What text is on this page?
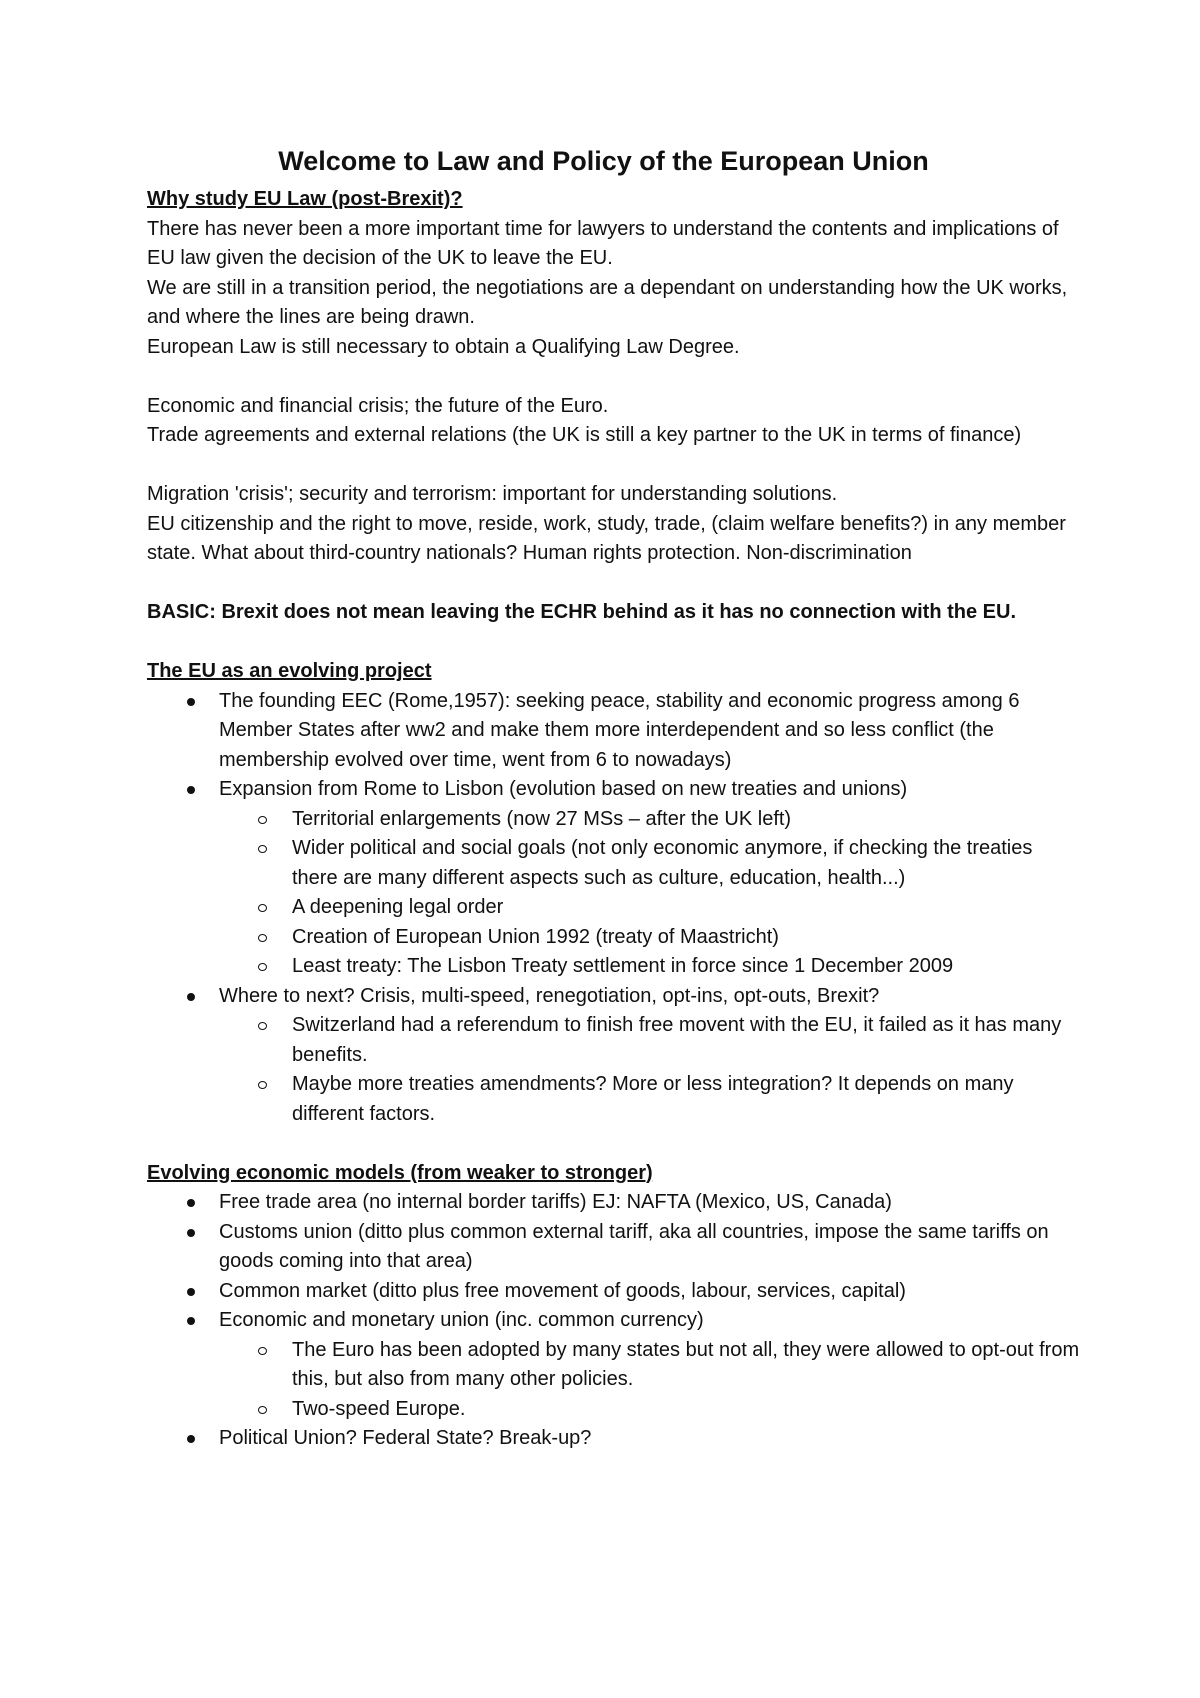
Welcome to Law and Policy of the European Union

Why study EU Law (post-Brexit)?

There has never been a more important time for lawyers to understand the contents and implications of EU law given the decision of the UK to leave the EU.

We are still in a transition period, the negotiations are a dependant on understanding how the UK works, and where the lines are being drawn.

European Law is still necessary to obtain a Qualifying Law Degree.

Economic and financial crisis; the future of the Euro.

Trade agreements and external relations (the UK is still a key partner to the UK in terms of finance)

Migration 'crisis'; security and terrorism: important for understanding solutions.

EU citizenship and the right to move, reside, work, study, trade, (claim welfare benefits?) in any member state. What about third-country nationals? Human rights protection. Non-discrimination

BASIC: Brexit does not mean leaving the ECHR behind as it has no connection with the EU.

The EU as an evolving project

The founding EEC (Rome,1957): seeking peace, stability and economic progress among 6 Member States after ww2 and make them more interdependent and so less conflict (the membership evolved over time, went from 6 to nowadays)
Expansion from Rome to Lisbon (evolution based on new treaties and unions)
Territorial enlargements (now 27 MSs – after the UK left)
Wider political and social goals (not only economic anymore, if checking the treaties there are many different aspects such as culture, education, health...)
A deepening legal order
Creation of European Union 1992 (treaty of Maastricht)
Least treaty: The Lisbon Treaty settlement in force since 1 December 2009
Where to next? Crisis, multi-speed, renegotiation, opt-ins, opt-outs, Brexit?
Switzerland had a referendum to finish free movent with the EU, it failed as it has many benefits.
Maybe more treaties amendments? More or less integration? It depends on many different factors.

Evolving economic models (from weaker to stronger)

Free trade area (no internal border tariffs) EJ: NAFTA (Mexico, US, Canada)
Customs union (ditto plus common external tariff, aka all countries, impose the same tariffs on goods coming into that area)
Common market (ditto plus free movement of goods, labour, services, capital)
Economic and monetary union (inc. common currency)
The Euro has been adopted by many states but not all, they were allowed to opt-out from this, but also from many other policies.
Two-speed Europe.
Political Union? Federal State? Break-up?
